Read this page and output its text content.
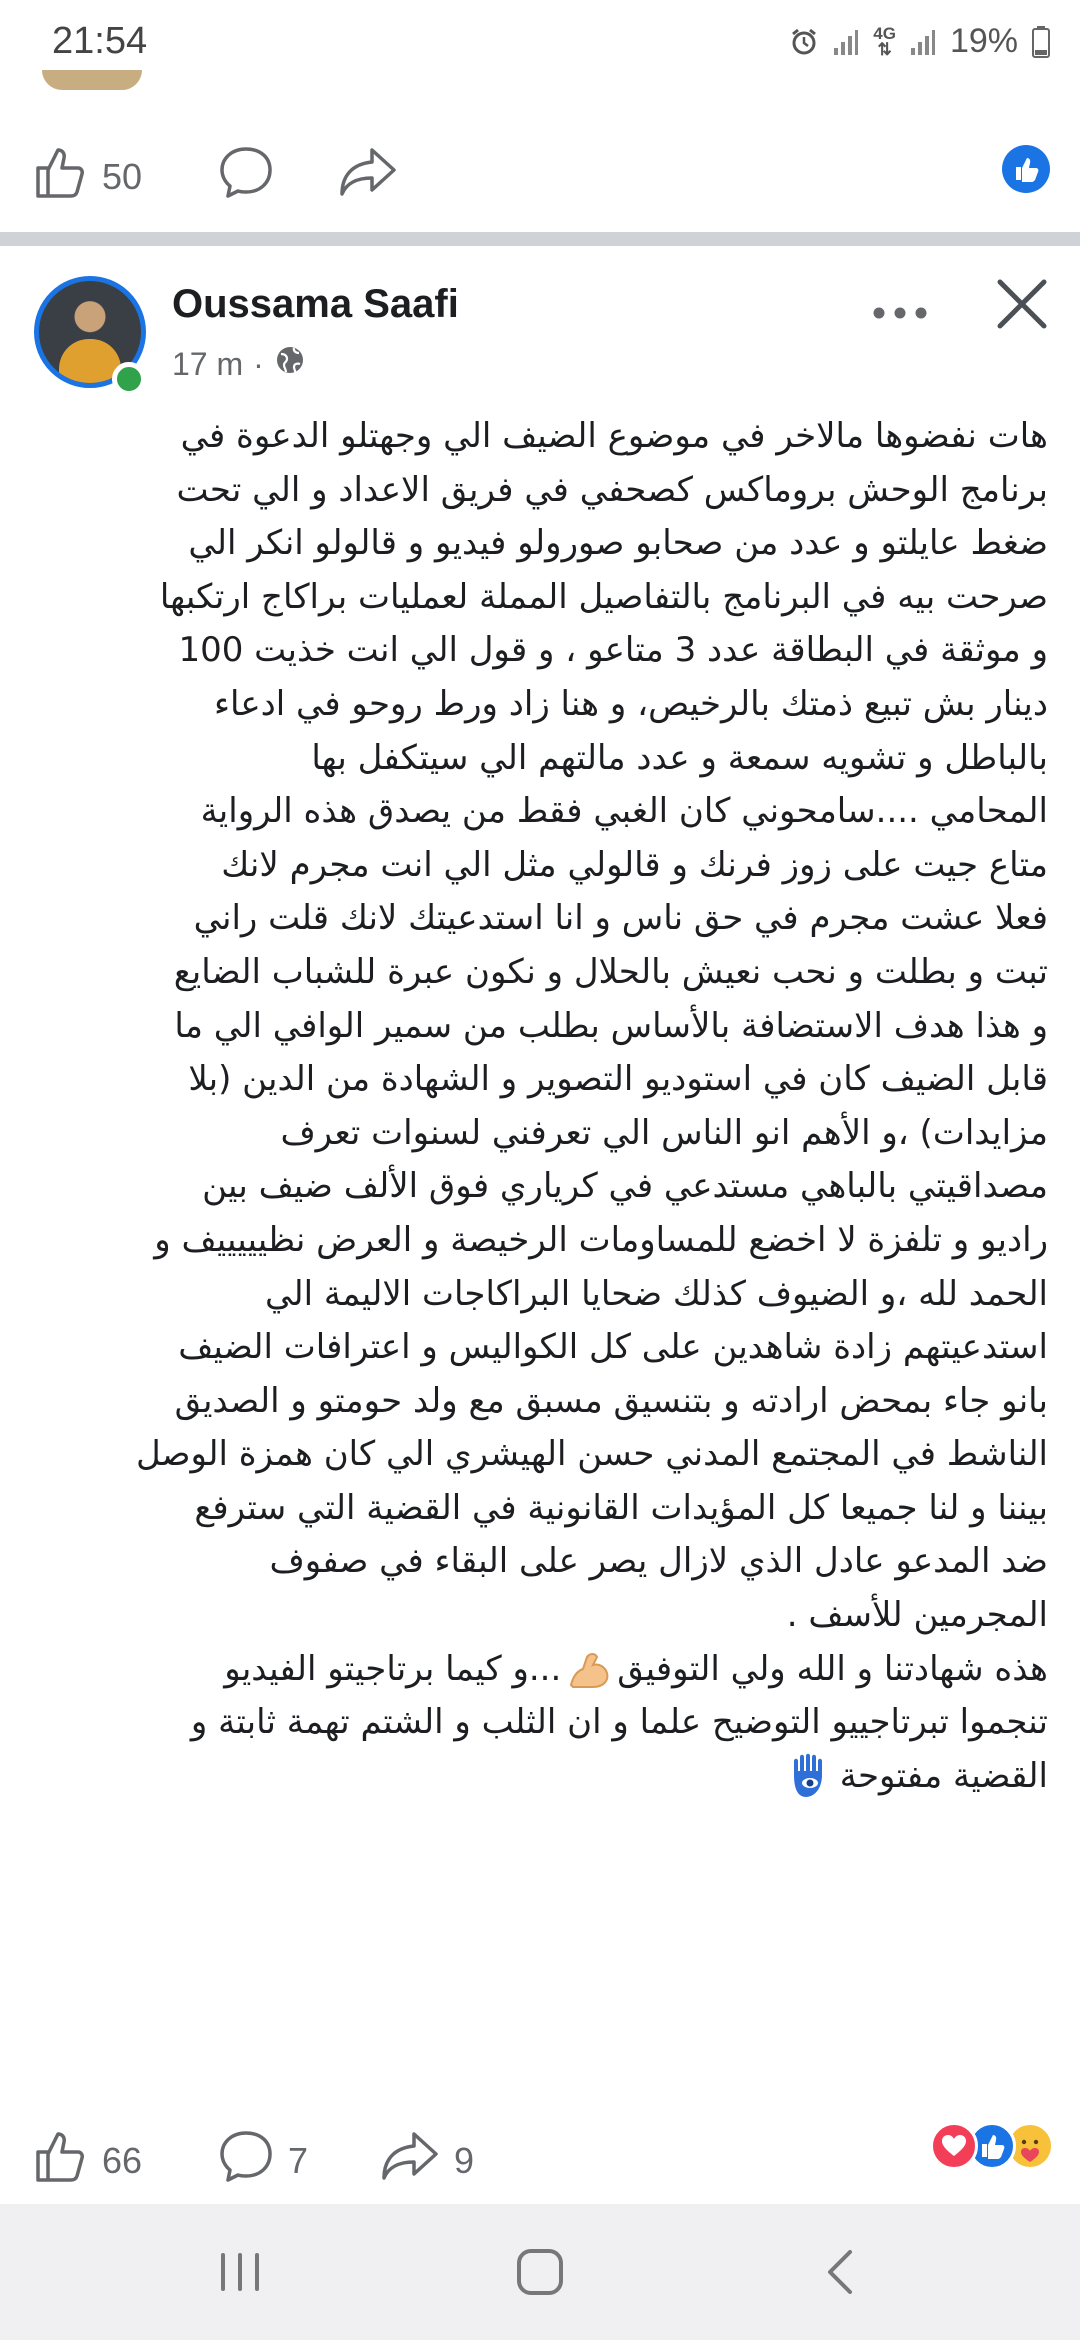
21:54	4G
⇅ 19%
50
Oussama Saafi
17 m ·
هات نفضوها مالاخر في موضوع الضيف الي وجهتلو الدعوة في
برنامج الوحش بروماكس كصحفي في فريق الاعداد و الي تحت
ضغط عايلتو و عدد من صحابو صورولو فيديو و قالولو انكر الي
صرحت بيه في البرنامج بالتفاصيل المملة لعمليات براكاج ارتكبها
و موثقة في البطاقة عدد 3 متاعو ، و قول الي انت خذيت 100
دينار بش تبيع ذمتك بالرخيص، و هنا زاد ورط روحو في ادعاء
بالباطل و تشويه سمعة و عدد مالتهم الي سيتكفل بها
المحامي ....سامحوني كان الغبي فقط من يصدق هذه الرواية
متاع جيت على زوز فرنك و قالولي مثل الي انت مجرم لانك
فعلا عشت مجرم في حق ناس و انا استدعيتك لانك قلت راني
تبت و بطلت و نحب نعيش بالحلال و نكون عبرة للشباب الضايع
و هذا هدف الاستضافة بالأساس بطلب من سمير الوافي الي ما
قابل الضيف كان في استوديو التصوير و الشهادة من الدين (بلا
مزايدات) ،و الأهم انو الناس الي تعرفني لسنوات تعرف
مصداقيتي بالباهي مستدعي في كرياري فوق الألف ضيف بين
راديو و تلفزة لا اخضع للمساومات الرخيصة و العرض نظيييييف و
الحمد لله ،و الضيوف كذلك ضحايا البراكاجات الاليمة الي
استدعيتهم زادة شاهدين على كل الكواليس و اعترافات الضيف
بانو جاء بمحض ارادته و بتنسيق مسبق مع ولد حومتو و الصديق
الناشط في المجتمع المدني حسن الهيشري الي كان همزة الوصل
بيننا و لنا جميعا كل المؤيدات القانونية في القضية التي سترفع
ضد المدعو عادل الذي لازال يصر على البقاء في صفوف
المجرمين للأسف .
هذه شهادتنا و الله ولي التوفيق...و كيما برتاجيتو الفيديو
تنجموا تبرتاجييو التوضيح علما و ان الثلب و الشتم تهمة ثابتة و
القضية مفتوحة
66	7	9
